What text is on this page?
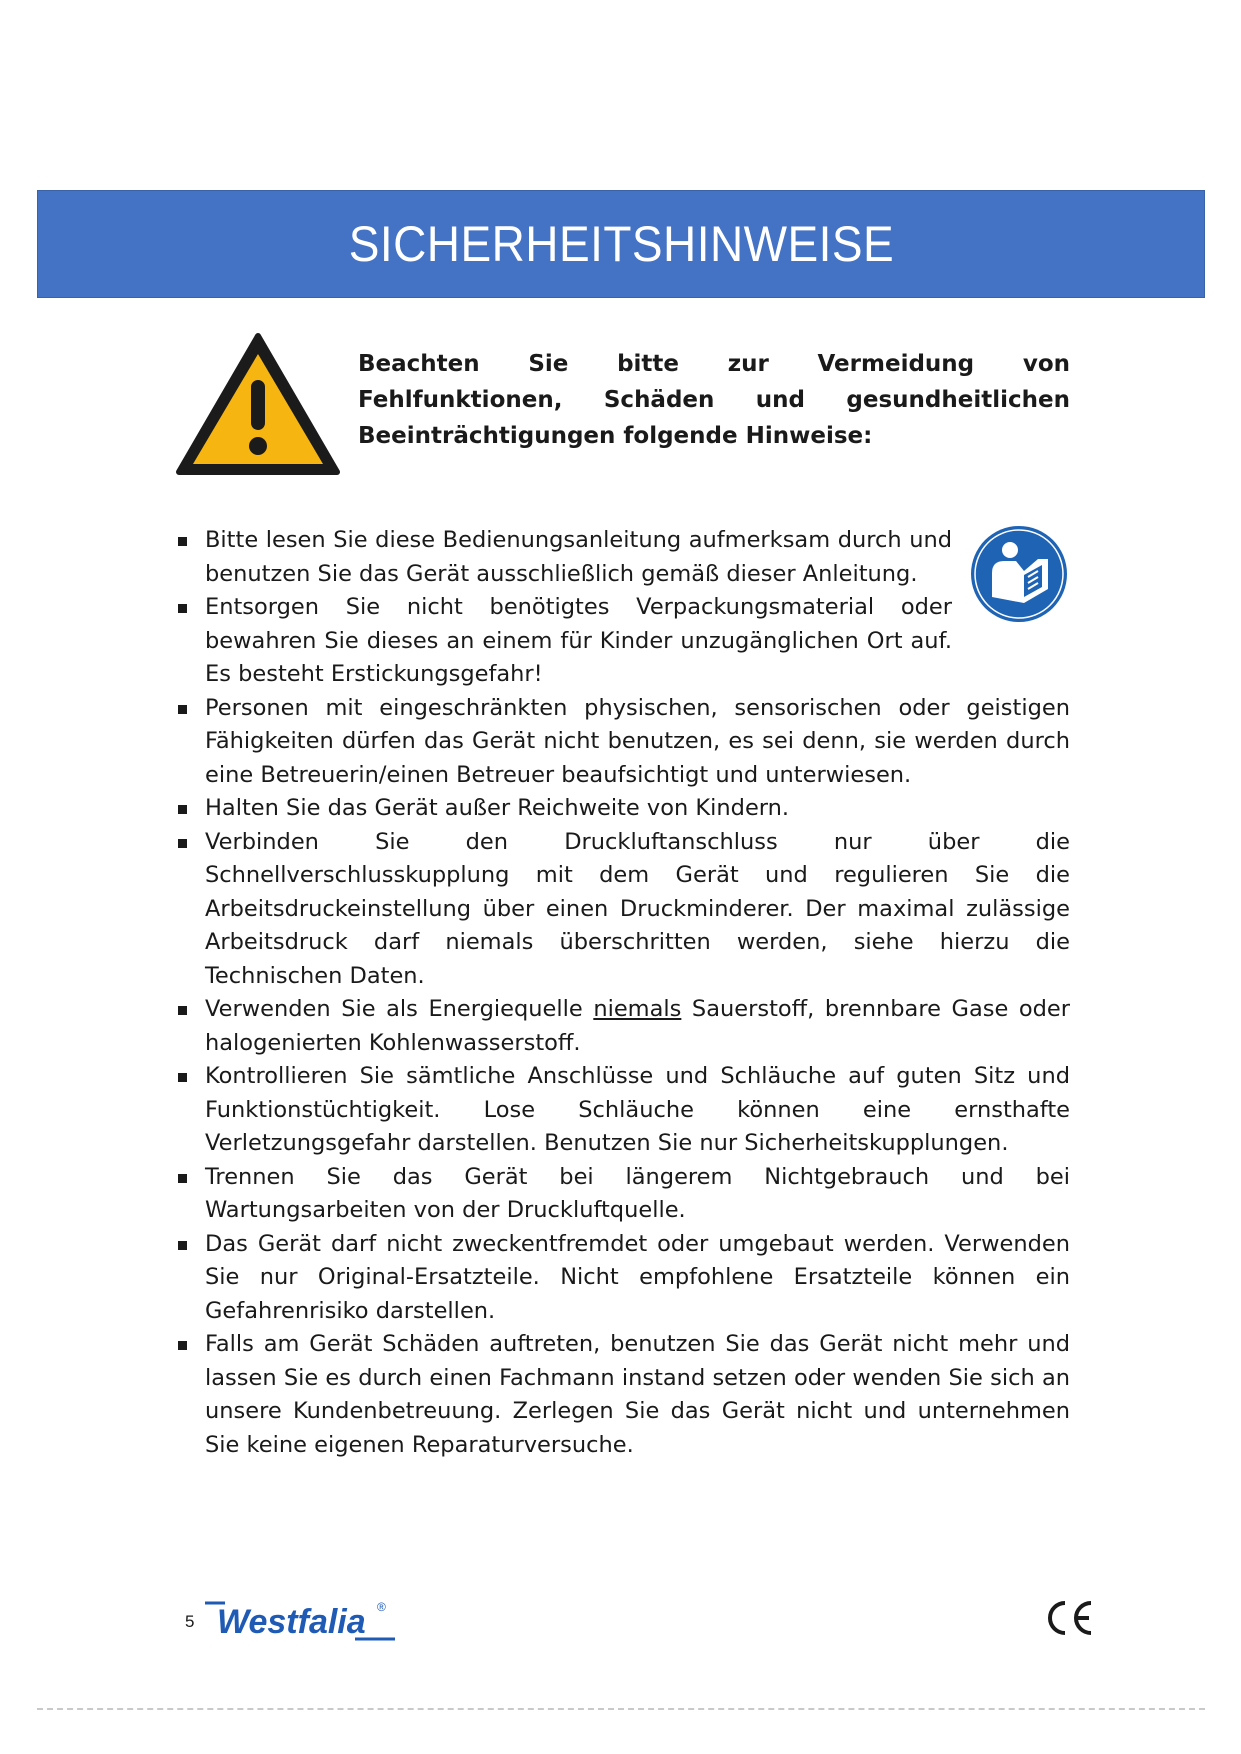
SICHERHEITSHINWEISE
Beachten Sie bitte zur Vermeidung von Fehlfunktionen, Schäden und gesundheitlichen Beeinträchtigungen folgende Hinweise:
Bitte lesen Sie diese Bedienungsanleitung aufmerksam durch und benutzen Sie das Gerät ausschließlich gemäß dieser Anleitung.
Entsorgen Sie nicht benötigtes Verpackungsmaterial oder bewahren Sie dieses an einem für Kinder unzugänglichen Ort auf. Es besteht Erstickungsgefahr!
Personen mit eingeschränkten physischen, sensorischen oder geistigen Fähigkeiten dürfen das Gerät nicht benutzen, es sei denn, sie werden durch eine Betreuerin/einen Betreuer beaufsichtigt und unterwiesen.
Halten Sie das Gerät außer Reichweite von Kindern.
Verbinden Sie den Druckluftanschluss nur über die Schnellverschlusskupplung mit dem Gerät und regulieren Sie die Arbeitsdruckeinstellung über einen Druckminderer. Der maximal zulässige Arbeitsdruck darf niemals überschritten werden, siehe hierzu die Technischen Daten.
Verwenden Sie als Energiequelle niemals Sauerstoff, brennbare Gase oder halogenierten Kohlenwasserstoff.
Kontrollieren Sie sämtliche Anschlüsse und Schläuche auf guten Sitz und Funktionstüchtigkeit. Lose Schläuche können eine ernsthafte Verletzungsgefahr darstellen. Benutzen Sie nur Sicherheitskupplungen.
Trennen Sie das Gerät bei längerem Nichtgebrauch und bei Wartungsarbeiten von der Druckluftquelle.
Das Gerät darf nicht zweckentfremdet oder umgebaut werden. Verwenden Sie nur Original-Ersatzteile. Nicht empfohlene Ersatzteile können ein Gefahrenrisiko darstellen.
Falls am Gerät Schäden auftreten, benutzen Sie das Gerät nicht mehr und lassen Sie es durch einen Fachmann instand setzen oder wenden Sie sich an unsere Kundenbetreuung. Zerlegen Sie das Gerät nicht und unternehmen Sie keine eigenen Reparaturversuche.
5 Westfalia ®
